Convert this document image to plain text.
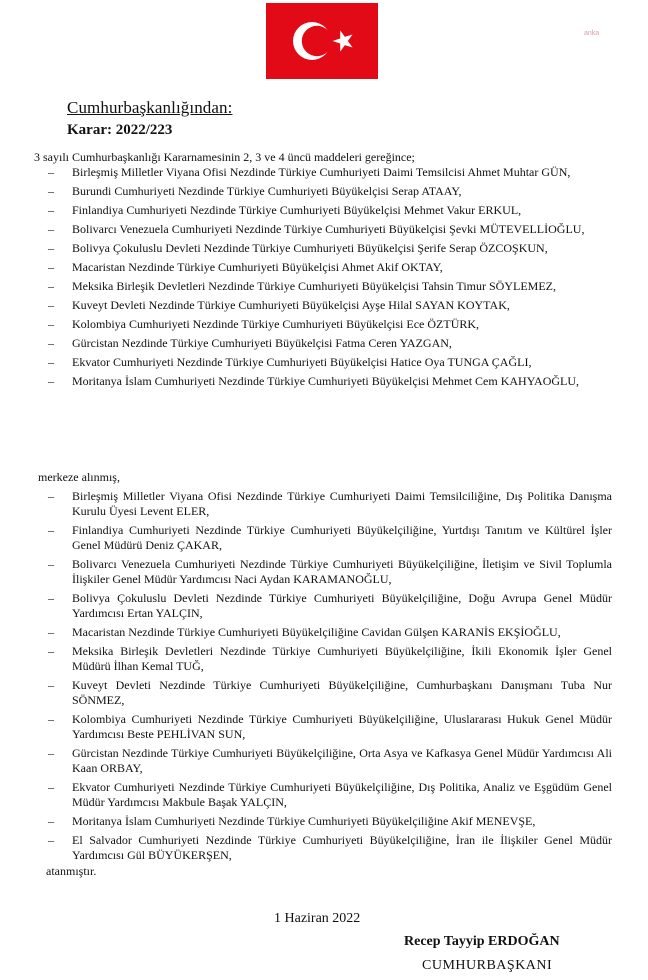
anka
Cumhurbaşkanlığından:
Karar: 2022/223
3 sayılı Cumhurbaşkanlığı Kararnamesinin 2, 3 ve 4 üncü maddeleri gereğince;
– Birleşmiş Milletler Viyana Ofisi Nezdinde Türkiye Cumhuriyeti Daimi Temsilcisi Ahmet Muhtar GÜN,
– Burundi Cumhuriyeti Nezdinde Türkiye Cumhuriyeti Büyükelçisi Serap ATAAY,
– Finlandiya Cumhuriyeti Nezdinde Türkiye Cumhuriyeti Büyükelçisi Mehmet Vakur ERKUL,
– Bolivarcı Venezuela Cumhuriyeti Nezdinde Türkiye Cumhuriyeti Büyükelçisi Şevki MÜTEVELLİOĞLU,
– Bolivya Çokuluslu Devleti Nezdinde Türkiye Cumhuriyeti Büyükelçisi Şerife Serap ÖZCOŞKUN,
– Macaristan Nezdinde Türkiye Cumhuriyeti Büyükelçisi Ahmet Akif OKTAY,
– Meksika Birleşik Devletleri Nezdinde Türkiye Cumhuriyeti Büyükelçisi Tahsin Timur SÖYLEMEZ,
– Kuveyt Devleti Nezdinde Türkiye Cumhuriyeti Büyükelçisi Ayşe Hilal SAYAN KOYTAK,
– Kolombiya Cumhuriyeti Nezdinde Türkiye Cumhuriyeti Büyükelçisi Ece ÖZTÜRK,
– Gürcistan Nezdinde Türkiye Cumhuriyeti Büyükelçisi Fatma Ceren YAZGAN,
– Ekvator Cumhuriyeti Nezdinde Türkiye Cumhuriyeti Büyükelçisi Hatice Oya TUNGA ÇAĞLI,
– Moritanya İslam Cumhuriyeti Nezdinde Türkiye Cumhuriyeti Büyükelçisi Mehmet Cem KAHYAOĞLU,
merkeze alınmış,
– Birleşmiş Milletler Viyana Ofisi Nezdinde Türkiye Cumhuriyeti Daimi Temsilciliğine, Dış Politika Danışma Kurulu Üyesi Levent ELER,
– Finlandiya Cumhuriyeti Nezdinde Türkiye Cumhuriyeti Büyükelçiliğine, Yurtdışı Tanıtım ve Kültürel İşler Genel Müdürü Deniz ÇAKAR,
– Bolivarcı Venezuela Cumhuriyeti Nezdinde Türkiye Cumhuriyeti Büyükelçiliğine, İletişim ve Sivil Toplumla İlişkiler Genel Müdür Yardımcısı Naci Aydan KARAMANOĞLU,
– Bolivya Çokuluslu Devleti Nezdinde Türkiye Cumhuriyeti Büyükelçiliğine, Doğu Avrupa Genel Müdür Yardımcısı Ertan YALÇIN,
– Macaristan Nezdinde Türkiye Cumhuriyeti Büyükelçiliğine Cavidan Gülşen KARANİS EKŞİOĞLU,
– Meksika Birleşik Devletleri Nezdinde Türkiye Cumhuriyeti Büyükelçiliğine, İkili Ekonomik İşler Genel Müdürü İlhan Kemal TUĞ,
– Kuveyt Devleti Nezdinde Türkiye Cumhuriyeti Büyükelçiliğine, Cumhurbaşkanı Danışmanı Tuba Nur SÖNMEZ,
– Kolombiya Cumhuriyeti Nezdinde Türkiye Cumhuriyeti Büyükelçiliğine, Uluslararası Hukuk Genel Müdür Yardımcısı Beste PEHLİVAN SUN,
– Gürcistan Nezdinde Türkiye Cumhuriyeti Büyükelçiliğine, Orta Asya ve Kafkasya Genel Müdür Yardımcısı Ali Kaan ORBAY,
– Ekvator Cumhuriyeti Nezdinde Türkiye Cumhuriyeti Büyükelçiliğine, Dış Politika, Analiz ve Eşgüdüm Genel Müdür Yardımcısı Makbule Başak YALÇIN,
– Moritanya İslam Cumhuriyeti Nezdinde Türkiye Cumhuriyeti Büyükelçiliğine Akif MENEVŞE,
– El Salvador Cumhuriyeti Nezdinde Türkiye Cumhuriyeti Büyükelçiliğine, İran ile İlişkiler Genel Müdür Yardımcısı Gül BÜYÜKERŞEN,
atanmıştır.
1 Haziran 2022
Recep Tayyip ERDOĞAN
CUMHURBAŞKANI
